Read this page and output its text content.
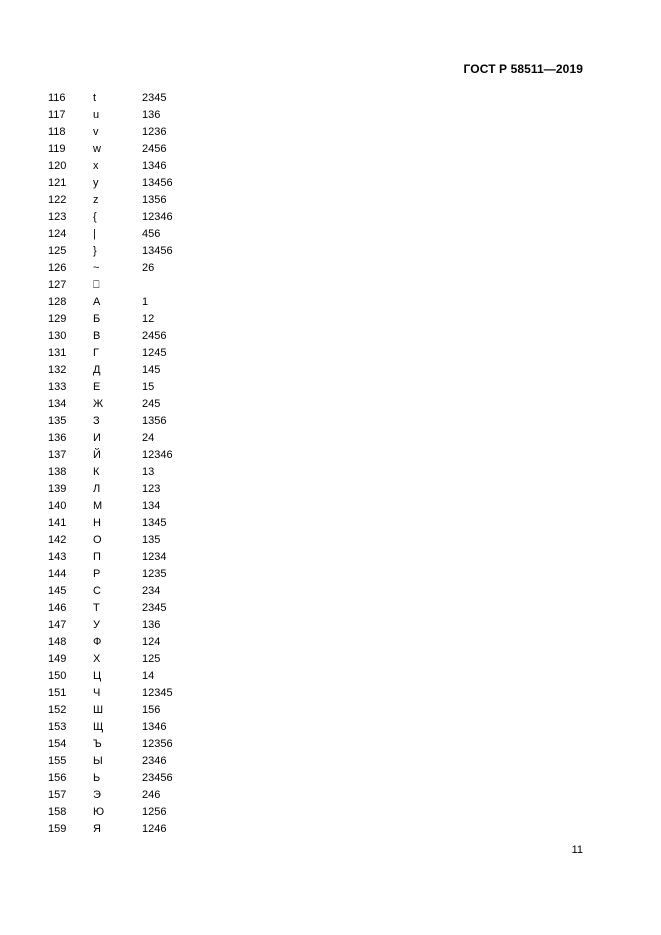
ГОСТ Р 58511—2019
116	t	2345
117	u	136
118	v	1236
119	w	2456
120	x	1346
121	y	13456
122	z	1356
123	{	12346
124	|	456
125	}	13456
126	~	26
127	⎕
128	А	1
129	Б	12
130	В	2456
131	Г	1245
132	Д	145
133	Е	15
134	Ж	245
135	З	1356
136	И	24
137	Й	12346
138	К	13
139	Л	123
140	М	134
141	Н	1345
142	О	135
143	П	1234
144	Р	1235
145	С	234
146	Т	2345
147	У	136
148	Ф	124
149	Х	125
150	Ц	14
151	Ч	12345
152	Ш	156
153	Щ	1346
154	Ъ	12356
155	Ы	2346
156	Ь	23456
157	Э	246
158	Ю	1256
159	Я	1246
11
